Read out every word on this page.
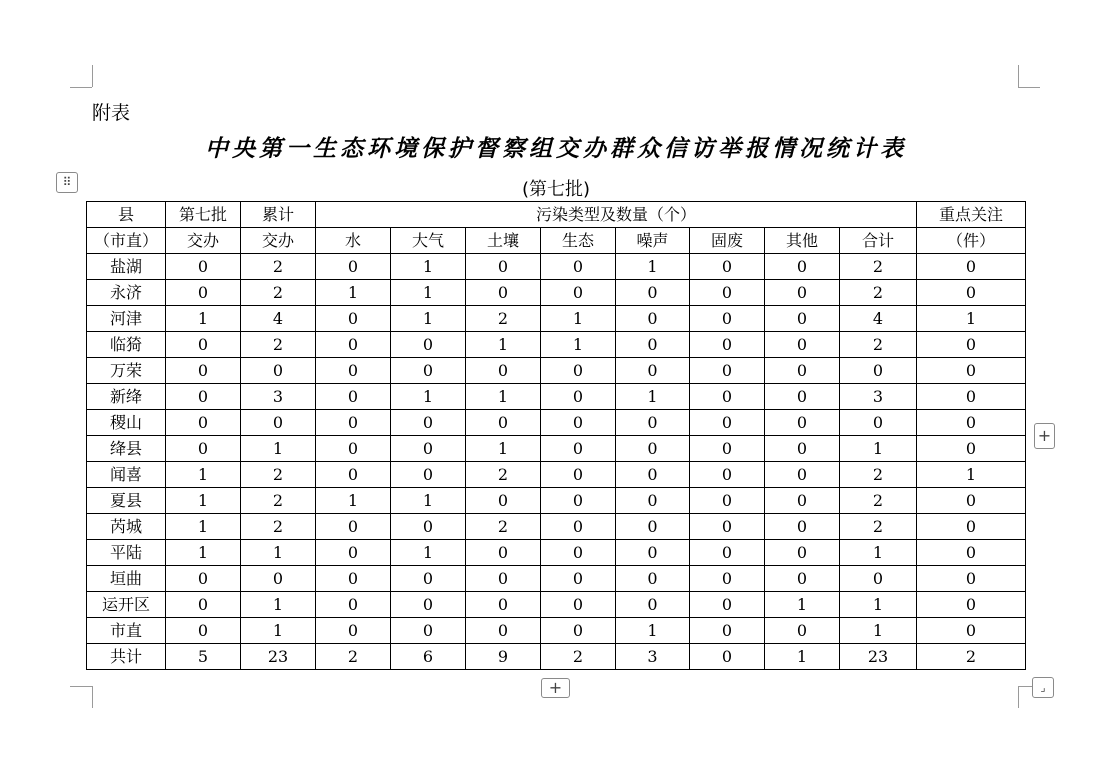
附表
中央第一生态环境保护督察组交办群众信访举报情况统计表
(第七批)
⠿
+
+	⌟
县	第七批	累计	污染类型及数量（个）								重点关注
（市直）	交办	交办	水	大气	土壤	生态	噪声	固废	其他	合计	（件）
盐湖	0	2	0	1	0	0	1	0	0	2	0
永济	0	2	1	1	0	0	0	0	0	2	0
河津	1	4	0	1	2	1	0	0	0	4	1
临猗	0	2	0	0	1	1	0	0	0	2	0
万荣	0	0	0	0	0	0	0	0	0	0	0
新绛	0	3	0	1	1	0	1	0	0	3	0
稷山	0	0	0	0	0	0	0	0	0	0	0
绛县	0	1	0	0	1	0	0	0	0	1	0
闻喜	1	2	0	0	2	0	0	0	0	2	1
夏县	1	2	1	1	0	0	0	0	0	2	0
芮城	1	2	0	0	2	0	0	0	0	2	0
平陆	1	1	0	1	0	0	0	0	0	1	0
垣曲	0	0	0	0	0	0	0	0	0	0	0
运开区	0	1	0	0	0	0	0	0	1	1	0
市直	0	1	0	0	0	0	1	0	0	1	0
共计	5	23	2	6	9	2	3	0	1	23	2
